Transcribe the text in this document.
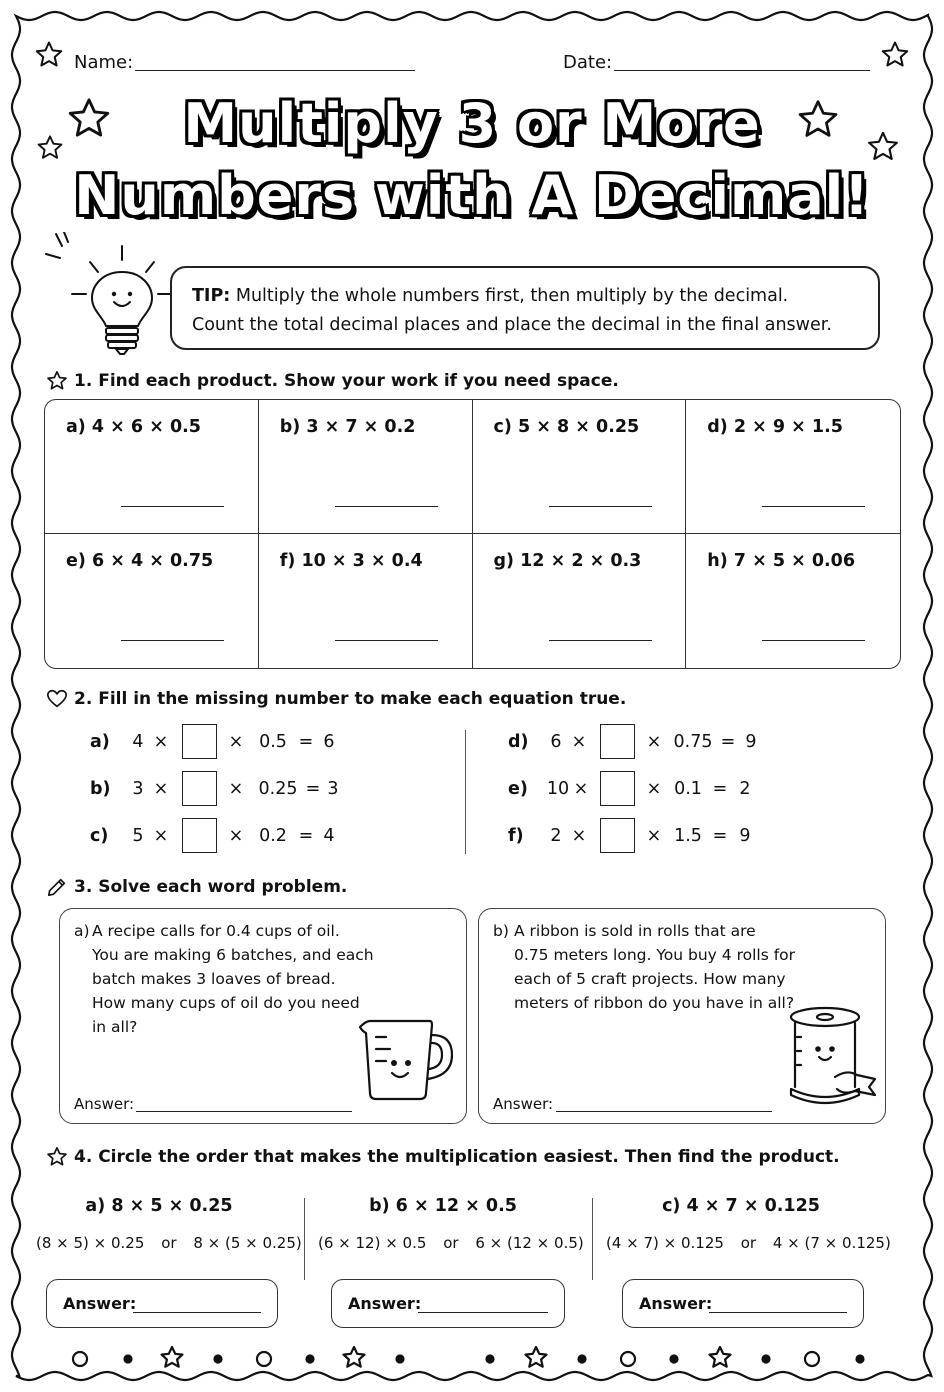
Name:	Date:
Multiply 3 or More
Numbers with A Decimal!
TIP: Multiply the whole numbers first, then multiply by the decimal.
Count the total decimal places and place the decimal in the final answer.
1. Find each product. Show your work if you need space.
a) 4 × 6 × 0.5	b) 3 × 7 × 0.2	c) 5 × 8 × 0.25	d) 2 × 9 × 1.5
e) 6 × 4 × 0.75	f) 10 × 3 × 0.4	g) 12 × 2 × 0.3	h) 7 × 5 × 0.06
2. Fill in the missing number to make each equation true.
a)	4 ×	× 0.5 = 6
b)	3 ×	× 0.25 = 3
c)	5 ×	× 0.2 = 4
d)	6 ×	× 0.75 = 9
e)	10 ×	× 0.1 = 2
f)	2 ×	× 1.5 = 9
3. Solve each word problem.
a) A recipe calls for 0.4 cups of oil.
You are making 6 batches, and each
batch makes 3 loaves of bread.
How many cups of oil do you need
in all?
Answer:
b) A ribbon is sold in rolls that are
0.75 meters long. You buy 4 rolls for
each of 5 craft projects. How many
meters of ribbon do you have in all?
Answer:
4. Circle the order that makes the multiplication easiest. Then find the product.
a) 8 × 5 × 0.25
(8 × 5) × 0.25 or 8 × (5 × 0.25)
b) 6 × 12 × 0.5
(6 × 12) × 0.5 or 6 × (12 × 0.5)
c) 4 × 7 × 0.125
(4 × 7) × 0.125 or 4 × (7 × 0.125)
Answer:	Answer:	Answer:
